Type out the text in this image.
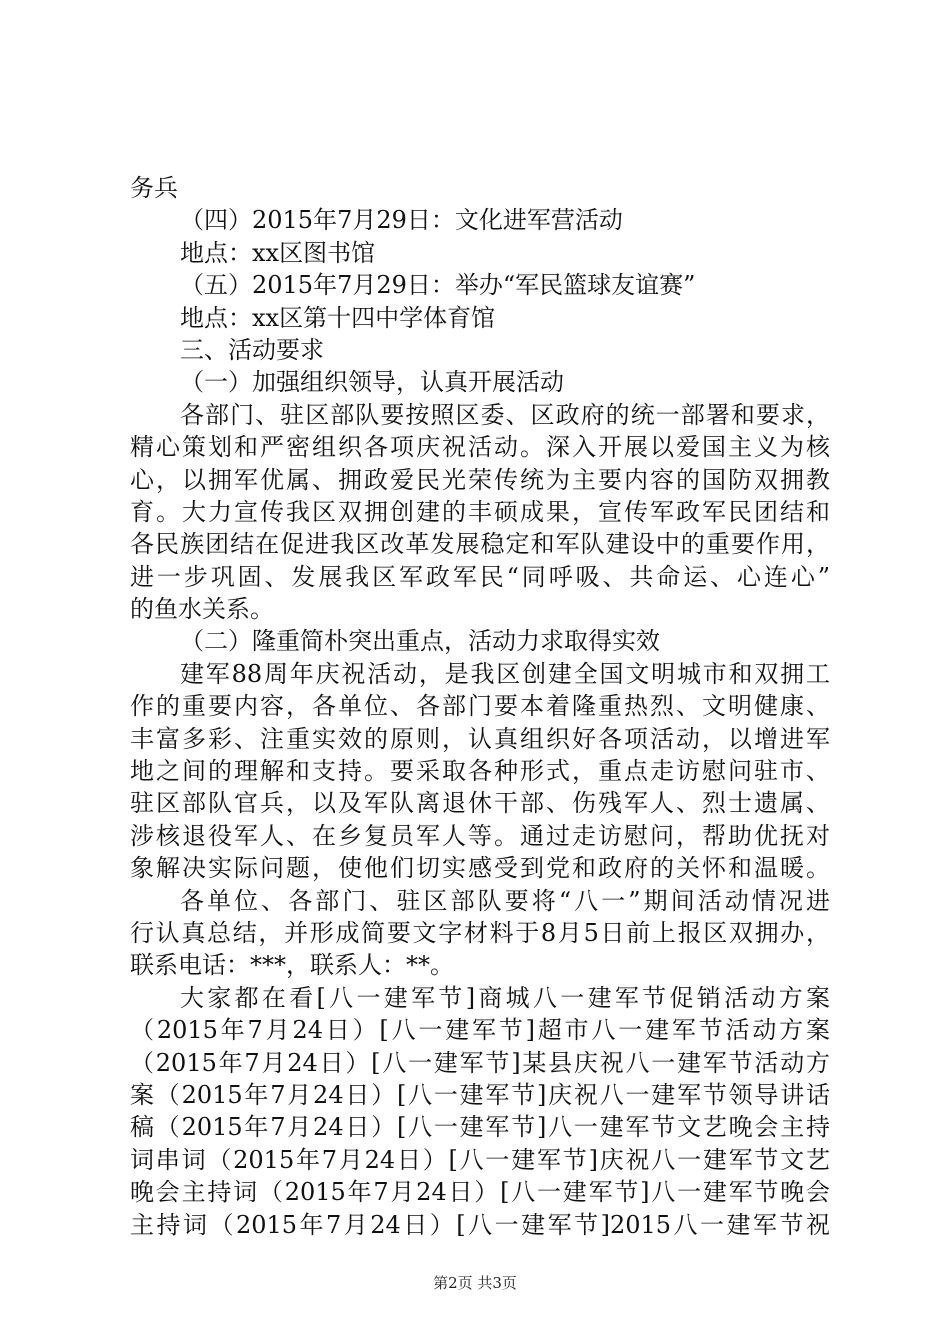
务兵
（四）2015年7月29日：文化进军营活动
地点：xx区图书馆
（五）2015年7月29日：举办“军民篮球友谊赛”
地点：xx区第十四中学体育馆
三、活动要求
（一）加强组织领导，认真开展活动
各部门、驻区部队要按照区委、区政府的统一部署和要求，
精心策划和严密组织各项庆祝活动。深入开展以爱国主义为核
心，以拥军优属、拥政爱民光荣传统为主要内容的国防双拥教
育。大力宣传我区双拥创建的丰硕成果，宣传军政军民团结和
各民族团结在促进我区改革发展稳定和军队建设中的重要作用，
进一步巩固、发展我区军政军民“同呼吸、共命运、心连心”
的鱼水关系。
（二）隆重简朴突出重点，活动力求取得实效
建军88周年庆祝活动，是我区创建全国文明城市和双拥工
作的重要内容，各单位、各部门要本着隆重热烈、文明健康、
丰富多彩、注重实效的原则，认真组织好各项活动，以增进军
地之间的理解和支持。要采取各种形式，重点走访慰问驻市、
驻区部队官兵，以及军队离退休干部、伤残军人、烈士遗属、
涉核退役军人、在乡复员军人等。通过走访慰问，帮助优抚对
象解决实际问题，使他们切实感受到党和政府的关怀和温暖。
各单位、各部门、驻区部队要将“八一”期间活动情况进
行认真总结，并形成简要文字材料于8月5日前上报区双拥办，
联系电话：***，联系人：**。
大家都在看[八一建军节]商城八一建军节促销活动方案
（2015年7月24日）[八一建军节]超市八一建军节活动方案
（2015年7月24日）[八一建军节]某县庆祝八一建军节活动方
案（2015年7月24日）[八一建军节]庆祝八一建军节领导讲话
稿（2015年7月24日）[八一建军节]八一建军节文艺晚会主持
词串词（2015年7月24日）[八一建军节]庆祝八一建军节文艺
晚会主持词（2015年7月24日）[八一建军节]八一建军节晚会
主持词（2015年7月24日）[八一建军节]2015八一建军节祝
第2页 共3页
